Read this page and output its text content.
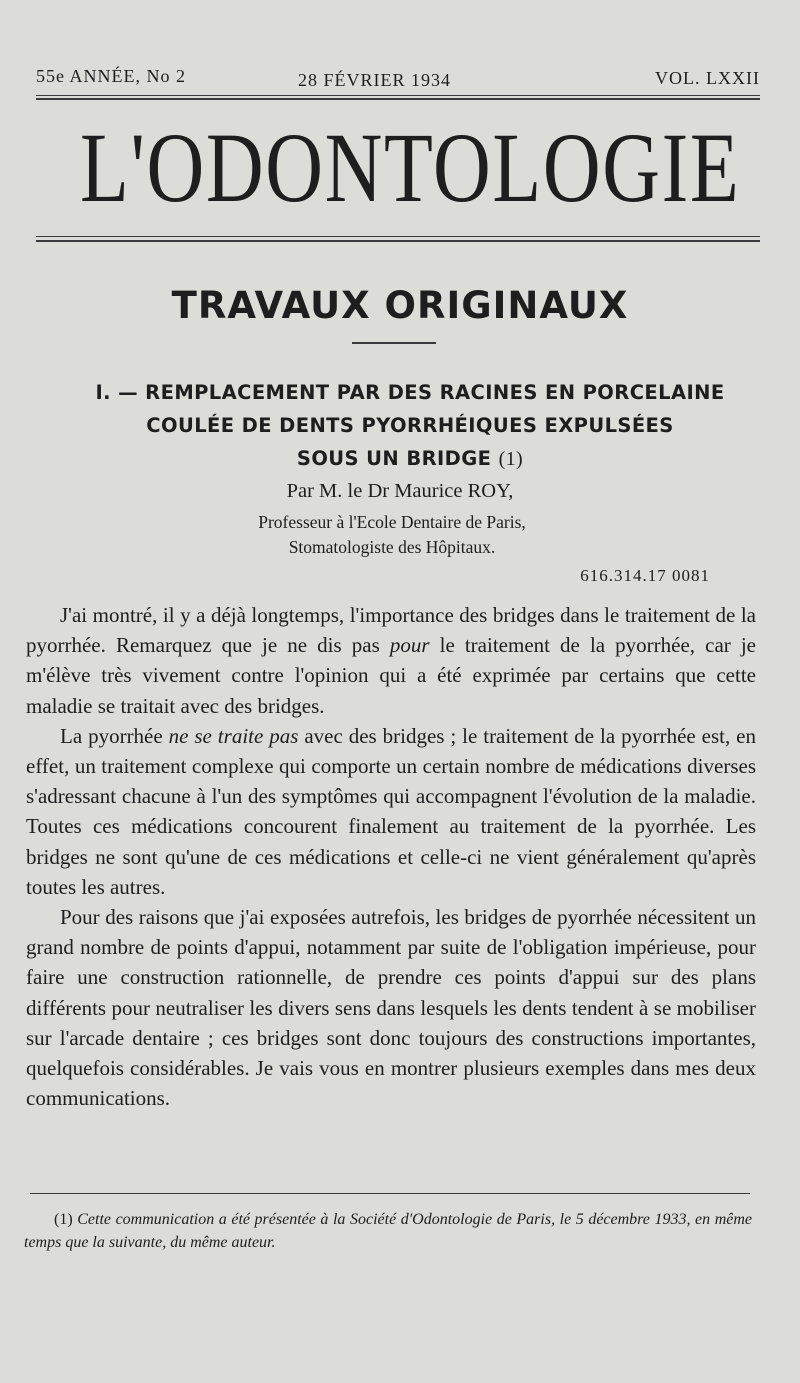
55e ANNÉE, No 2	28 FÉVRIER 1934	VOL. LXXII
L'ODONTOLOGIE
TRAVAUX ORIGINAUX
I. — REMPLACEMENT PAR DES RACINES EN PORCELAINE
COULÉE DE DENTS PYORRHÉIQUES EXPULSÉES
SOUS UN BRIDGE (1)
Par M. le Dr Maurice ROY,
Professeur à l'Ecole Dentaire de Paris,
Stomatologiste des Hôpitaux.
616.314.17 0081

J'ai montré, il y a déjà longtemps, l'importance des bridges dans le traitement de la pyorrhée. Remarquez que je ne dis pas pour le traitement de la pyorrhée, car je m'élève très vivement contre l'opinion qui a été exprimée par certains que cette maladie se traitait avec des bridges.

La pyorrhée ne se traite pas avec des bridges ; le traitement de la pyorrhée est, en effet, un traitement complexe qui comporte un certain nombre de médications diverses s'adressant chacune à l'un des symptômes qui accompagnent l'évolution de la maladie. Toutes ces médications concourent finalement au traitement de la pyorrhée. Les bridges ne sont qu'une de ces médications et celle-ci ne vient généralement qu'après toutes les autres.

Pour des raisons que j'ai exposées autrefois, les bridges de pyorrhée nécessitent un grand nombre de points d'appui, notamment par suite de l'obligation impérieuse, pour faire une construction rationnelle, de prendre ces points d'appui sur des plans différents pour neutraliser les divers sens dans lesquels les dents tendent à se mobiliser sur l'arcade dentaire ; ces bridges sont donc toujours des constructions importantes, quelquefois considérables. Je vais vous en montrer plusieurs exemples dans mes deux communications.

(1) Cette communication a été présentée à la Société d'Odontologie de Paris, le 5 décembre 1933, en même temps que la suivante, du même auteur.
